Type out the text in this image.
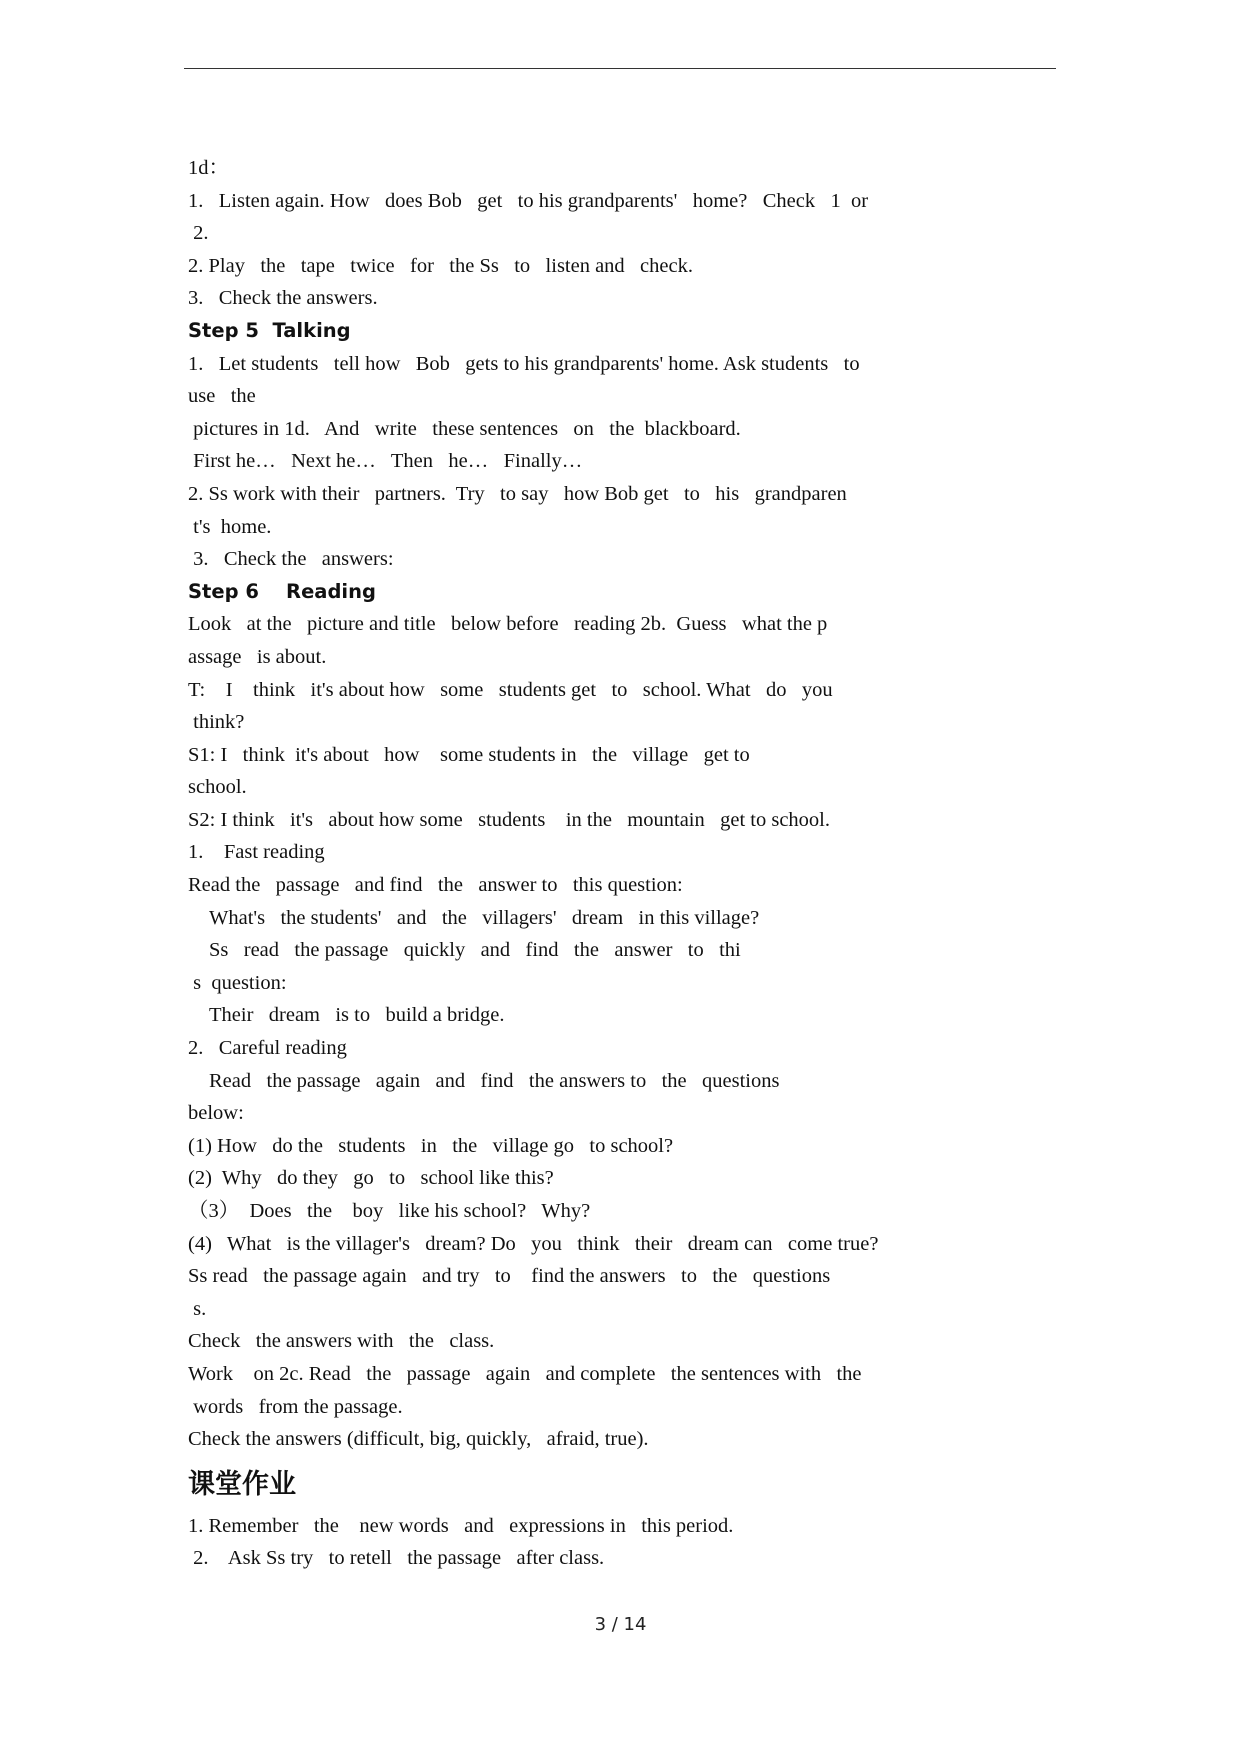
1d：

1.   Listen again. How   does Bob   get   to his grandparents'   home?   Check   1  or

2.

2. Play   the   tape   twice   for   the Ss   to   listen and   check.

3.   Check the answers.

Step 5  Talking

1.   Let students   tell how   Bob   gets to his grandparents' home. Ask students   to

use   the

pictures in 1d.   And   write   these sentences   on   the  blackboard.

First he…   Next he…   Then   he…   Finally…

2. Ss work with their   partners.  Try   to say   how Bob get   to   his   grandparen

t's  home.

3.   Check the   answers:

Step 6    Reading

Look   at the   picture and title   below before   reading 2b.  Guess   what the p

assage   is about.

T:    I    think   it's about how   some   students get   to   school. What   do   you

think?

S1: I   think  it's about   how    some students in   the   village   get to

school.

S2: I think   it's   about how some   students    in the   mountain   get to school.

1.    Fast reading

Read the   passage   and find   the   answer to   this question:

What's   the students'   and   the   villagers'   dream   in this village?

Ss   read   the passage   quickly   and   find   the   answer   to   thi

s  question:

Their   dream   is to   build a bridge.

2.   Careful reading

Read   the passage   again   and   find   the answers to   the   questions

below:

(1) How   do the   students   in   the   village go   to school?

(2)  Why   do they   go   to   school like this?

（3）  Does   the    boy   like his school?   Why?

(4)   What   is the villager's   dream? Do   you   think   their   dream can   come true?

Ss read   the passage again   and try   to    find the answers   to   the   questions

s.

Check   the answers with   the   class.

Work    on 2c. Read   the   passage   again   and complete   the sentences with   the

words   from the passage.

Check the answers (difficult, big, quickly,   afraid, true).

课堂作业

1. Remember   the    new words   and   expressions in   this period.

2.    Ask Ss try   to retell   the passage   after class.

3 / 14
